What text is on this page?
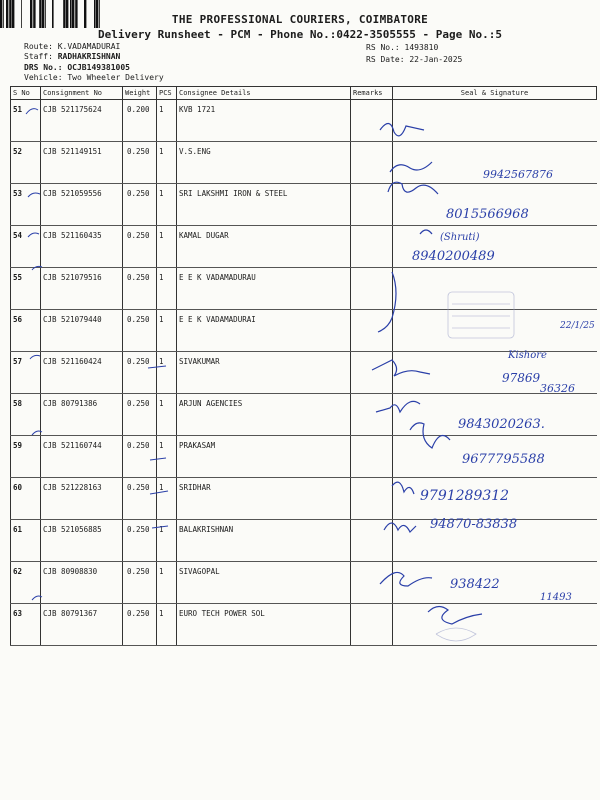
THE PROFESSIONAL COURIERS, COIMBATORE
Delivery Runsheet - PCM - Phone No.:0422-3505555 - Page No.:5
Route: K.VADAMADURAI
Staff: RADHAKRISHNAN
DRS No.: OCJB149381005
Vehicle: Two Wheeler Delivery
RS No.: 1493810
RS Date: 22-Jan-2025
S No	Consignment No	Weight	PCS	Consignee Details	Remarks	Seal & Signature
51	CJB 521175624	0.200	1	KVB 1721		
52	CJB 521149151	0.250	1	V.S.ENG		
53	CJB 521059556	0.250	1	SRI LAKSHMI IRON & STEEL		
54	CJB 521160435	0.250	1	KAMAL DUGAR		
55	CJB 521079516	0.250	1	E E K VADAMADURAU		
56	CJB 521079440	0.250	1	E E K VADAMADURAI		
57	CJB 521160424	0.250	1	SIVAKUMAR		
58	CJB 80791386	0.250	1	ARJUN AGENCIES		
59	CJB 521160744	0.250	1	PRAKASAM		
60	CJB 521228163	0.250	1	SRIDHAR		
61	CJB 521056885	0.250	1	BALAKRISHNAN		
62	CJB 80908830	0.250	1	SIVAGOPAL		
63	CJB 80791367	0.250	1	EURO TECH POWER SOL		
9942567876
8015566968
(Shruti)
8940200489
22/1/25
Kishore
97869
36326
9843020263.
9677795588
9791289312
94870-83838
938422
11493
